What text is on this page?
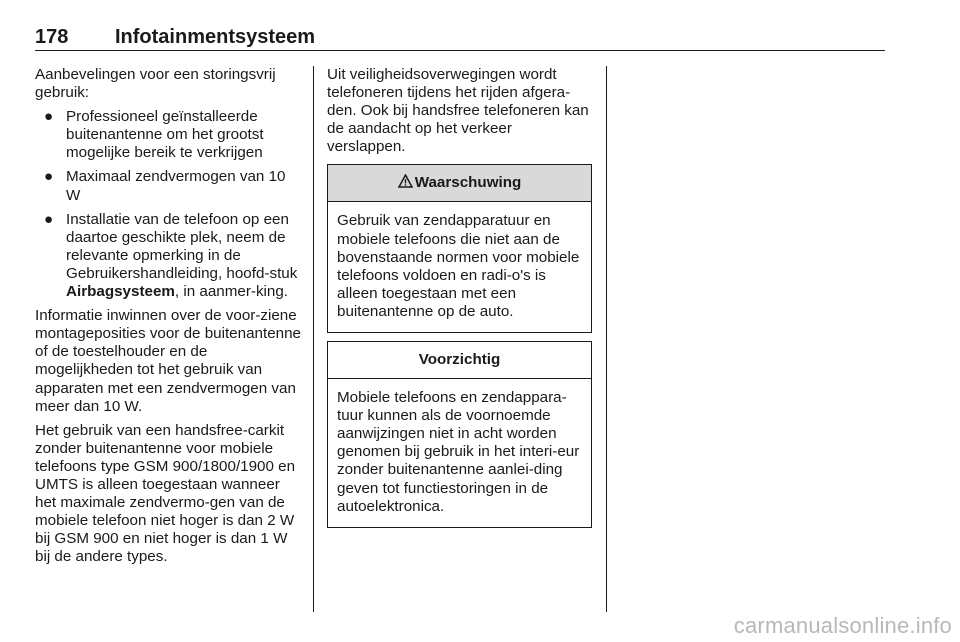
178 Infotainmentsysteem

Aanbevelingen voor een storingsvrij gebruik:

● Professioneel geïnstalleerde buitenantenne om het grootst mogelijke bereik te verkrijgen
● Maximaal zendvermogen van 10 W
● Installatie van de telefoon op een daartoe geschikte plek, neem de relevante opmerking in de Gebruikershandleiding, hoofd-stuk Airbagsysteem, in aanmer-king.

Informatie inwinnen over de voor-ziene montageposities voor de buitenantenne of de toestelhouder en de mogelijkheden tot het gebruik van apparaten met een zendvermogen van meer dan 10 W.

Het gebruik van een handsfree-carkit zonder buitenantenne voor mobiele telefoons type GSM 900/1800/1900 en UMTS is alleen toegestaan wanneer het maximale zendvermo-gen van de mobiele telefoon niet hoger is dan 2 W bij GSM 900 en niet hoger is dan 1 W bij de andere types.

Uit veiligheidsoverwegingen wordt telefoneren tijdens het rijden afgera-den. Ook bij handsfree telefoneren kan de aandacht op het verkeer verslappen.

Waarschuwing
Gebruik van zendapparatuur en mobiele telefoons die niet aan de bovenstaande normen voor mobiele telefoons voldoen en radi-o's is alleen toegestaan met een buitenantenne op de auto.
Voorzichtig
Mobiele telefoons en zendappara-tuur kunnen als de voornoemde aanwijzingen niet in acht worden genomen bij gebruik in het interi-eur zonder buitenantenne aanlei-ding geven tot functiestoringen in de autoelektronica.
carmanualsonline.info
